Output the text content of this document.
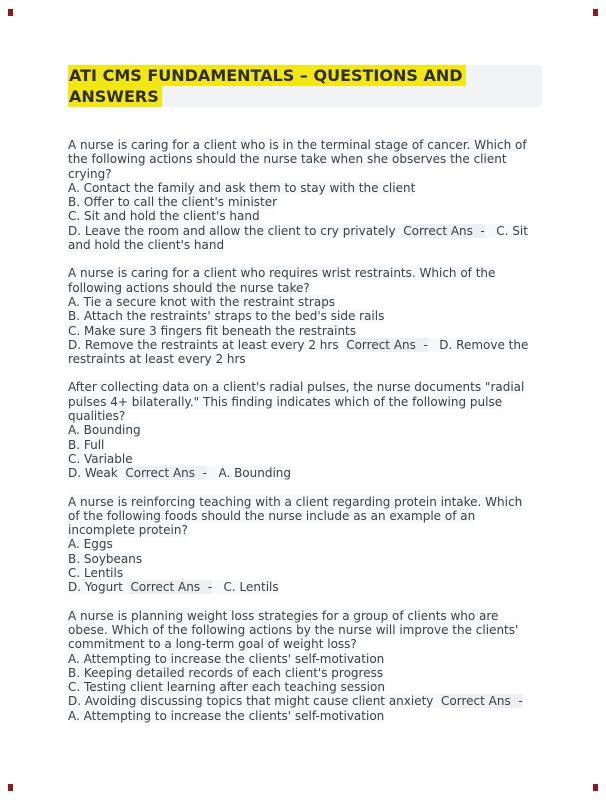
ATI CMS FUNDAMENTALS – QUESTIONS AND
ANSWERS
A nurse is caring for a client who is in the terminal stage of cancer. Which of
the following actions should the nurse take when she observes the client
crying?
A. Contact the family and ask them to stay with the client
B. Offer to call the client's minister
C. Sit and hold the client's hand
D. Leave the room and allow the client to cry privately  Correct Ans  -   C. Sit
and hold the client's hand
A nurse is caring for a client who requires wrist restraints. Which of the
following actions should the nurse take?
A. Tie a secure knot with the restraint straps
B. Attach the restraints' straps to the bed's side rails
C. Make sure 3 fingers fit beneath the restraints
D. Remove the restraints at least every 2 hrs  Correct Ans  -   D. Remove the
restraints at least every 2 hrs
After collecting data on a client's radial pulses, the nurse documents "radial
pulses 4+ bilaterally." This finding indicates which of the following pulse
qualities?
A. Bounding
B. Full
C. Variable
D. Weak  Correct Ans  -   A. Bounding
A nurse is reinforcing teaching with a client regarding protein intake. Which
of the following foods should the nurse include as an example of an
incomplete protein?
A. Eggs
B. Soybeans
C. Lentils
D. Yogurt  Correct Ans  -   C. Lentils
A nurse is planning weight loss strategies for a group of clients who are
obese. Which of the following actions by the nurse will improve the clients'
commitment to a long-term goal of weight loss?
A. Attempting to increase the clients' self-motivation
B. Keeping detailed records of each client's progress
C. Testing client learning after each teaching session
D. Avoiding discussing topics that might cause client anxiety  Correct Ans  -
A. Attempting to increase the clients' self-motivation
